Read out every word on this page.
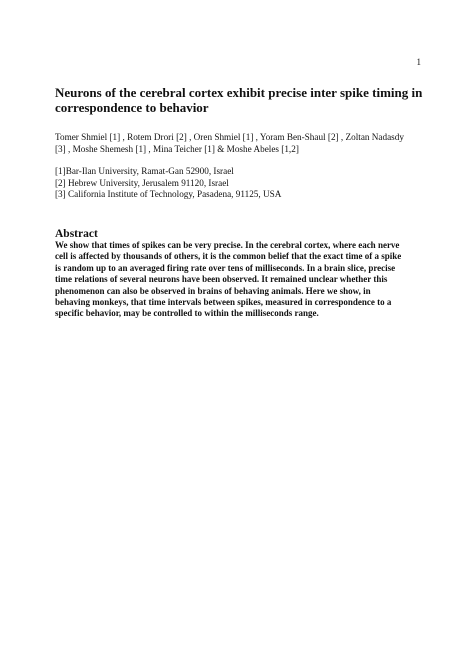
1
Neurons of the cerebral cortex exhibit precise inter spike timing in correspondence to behavior
Tomer Shmiel [1] , Rotem Drori [2] , Oren Shmiel [1] , Yoram Ben-Shaul [2] , Zoltan Nadasdy
[3] , Moshe Shemesh [1] , Mina Teicher [1] & Moshe Abeles [1,2]
[1]Bar-Ilan University, Ramat-Gan 52900, Israel
[2] Hebrew University, Jerusalem 91120, Israel
[3] California Institute of Technology, Pasadena, 91125, USA
Abstract

We show that times of spikes can be very precise. In the cerebral cortex, where each nerve
cell is affected by thousands of others, it is the common belief that the exact time of a spike
is random up to an averaged firing rate over tens of milliseconds. In a brain slice, precise
time relations of several neurons have been observed. It remained unclear whether this
phenomenon can also be observed in brains of behaving animals. Here we show, in
behaving monkeys, that time intervals between spikes, measured in correspondence to a
specific behavior, may be controlled to within the milliseconds range.
